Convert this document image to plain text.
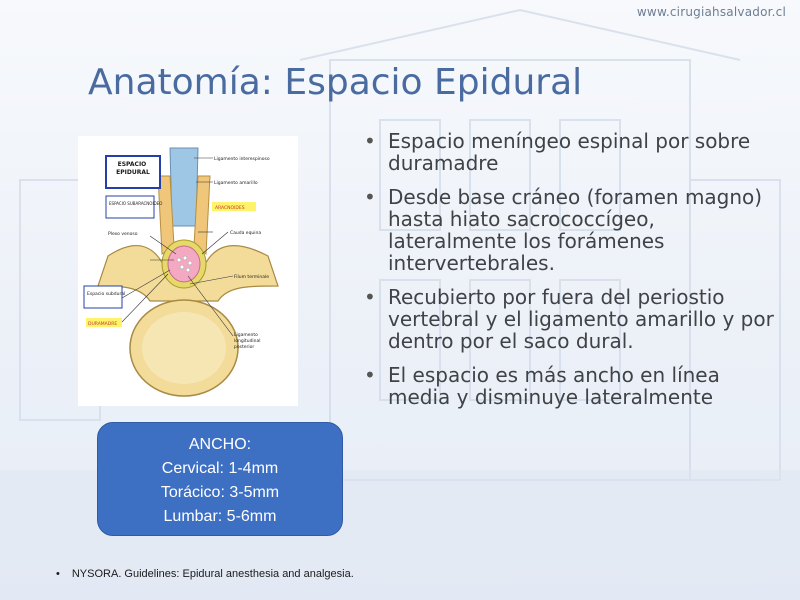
www.cirugiahsalvador.cl
Anatomía: Espacio Epidural
• Espacio meníngeo espinal por sobre duramadre
• Desde base cráneo (foramen magno) hasta hiato sacrococcígeo, lateralmente los forámenes intervertebrales.
• Recubierto por fuera del periostio vertebral y el ligamento amarillo y por dentro por el saco dural.
• El espacio es más ancho en línea media y disminuye lateralmente
ESPACIO EPIDURAL
ESPACIO SUBARACNOIDEO
Plexo venoso
Espacio subdural
DURAMADRE
Ligamento interespinoso
Ligamento amarillo
ARACNOIDES
Cauda equina
Filum terminale
Ligamento longitudinal posterior
ANCHO:
Cervical: 1-4mm
Torácico: 3-5mm
Lumbar: 5-6mm
• NYSORA. Guidelines: Epidural anesthesia and analgesia.
